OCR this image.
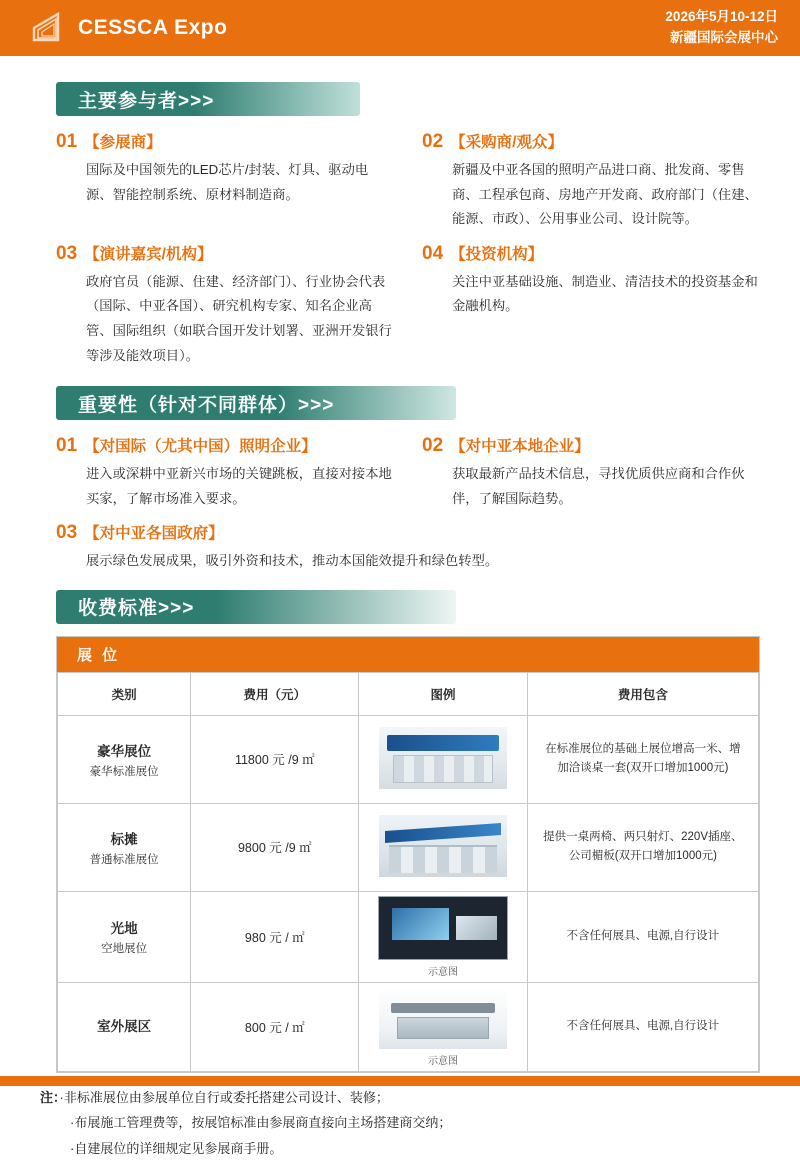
CESSCA Expo	2026年5月10-12日
新疆国际会展中心
主要参与者>>>
01 【参展商】
国际及中国领先的LED芯片/封装、灯具、驱动电源、智能控制系统、原材料制造商。
02 【采购商/观众】
新疆及中亚各国的照明产品进口商、批发商、零售商、工程承包商、房地产开发商、政府部门（住建、能源、市政）、公用事业公司、设计院等。
03 【演讲嘉宾/机构】
政府官员（能源、住建、经济部门）、行业协会代表（国际、中亚各国）、研究机构专家、知名企业高管、国际组织（如联合国开发计划署、亚洲开发银行等涉及能效项目）。
04 【投资机构】
关注中亚基础设施、制造业、清洁技术的投资基金和金融机构。
重要性（针对不同群体）>>>
01 【对国际（尤其中国）照明企业】
进入或深耕中亚新兴市场的关键跳板，直接对接本地买家，了解市场准入要求。
02 【对中亚本地企业】
获取最新产品技术信息，寻找优质供应商和合作伙伴，了解国际趋势。
03 【对中亚各国政府】
展示绿色发展成果，吸引外资和技术，推动本国能效提升和绿色转型。
收费标准>>>
展 位
类别	费用（元）	图例	费用包含

豪华展位
豪华标准展位	11800 元 /9 ㎡		在标准展位的基础上展位增高一米、增加洽谈桌一套(双开口增加1000元)

标摊
普通标准展位	9800 元 /9 ㎡		提供一桌两椅、两只射灯、220V插座、公司楣板(双开口增加1000元)

光地
空地展位	980 元 / ㎡	示意图	不含任何展具、电源,自行设计

室外展区	800 元 / ㎡	示意图	不含任何展具、电源,自行设计
注：·非标准展位由参展单位自行或委托搭建公司设计、装修；
·布展施工管理费等，按展馆标准由参展商直接向主场搭建商交纳；
·自建展位的详细规定见参展商手册。
